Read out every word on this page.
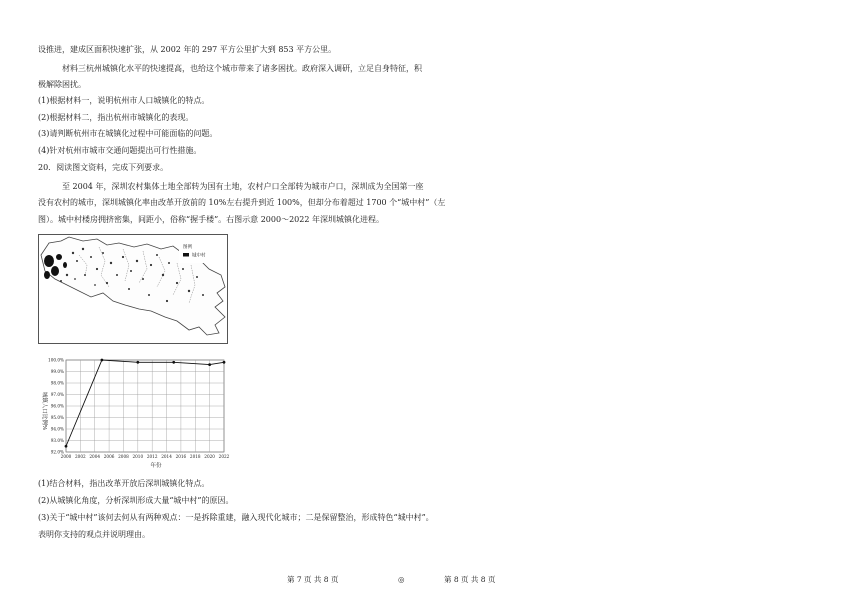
设推进，建成区面积快速扩张，从 2002 年的 297 平方公里扩大到 853 平方公里。
材料三杭州城镇化水平的快速提高，也给这个城市带来了诸多困扰。政府深入调研，立足自身特征，积
极解除困扰。
(1)根据材料一，说明杭州市人口城镇化的特点。
(2)根据材料二，指出杭州市城镇化的表现。
(3)请判断杭州市在城镇化过程中可能面临的问题。
(4)针对杭州市城市交通问题提出可行性措施。
20．阅读图文资料，完成下列要求。
至 2004 年，深圳农村集体土地全部转为国有土地，农村户口全部转为城市户口，深圳成为全国第一座
没有农村的城市，深圳城镇化率由改革开放前的 10%左右提升到近 100%，但却分布着超过 1700 个“城中村”（左
图）。城中村楼房拥挤密集，间距小，俗称“握手楼”。右图示意 2000～2022 年深圳城镇化进程。
图例
城中村
100.0%
99.0%
98.0%
97.0%
96.0%
95.0%
94.0%
93.0%
92.0%
2000 2002 2004 2006 2008 2010 2012 2014 2016 2018 2020 2022
年份
城镇人口比例%
(1)结合材料，指出改革开放后深圳城镇化特点。
(2)从城镇化角度，分析深圳形成大量“城中村”的原因。
(3)关于“城中村”该何去何从有两种观点：一是拆除重建，融入现代化城市；二是保留整治，形成特色“城中村”。
表明你支持的观点并说明理由。
第 7 页 共 8 页	◎	第 8 页 共 8 页
